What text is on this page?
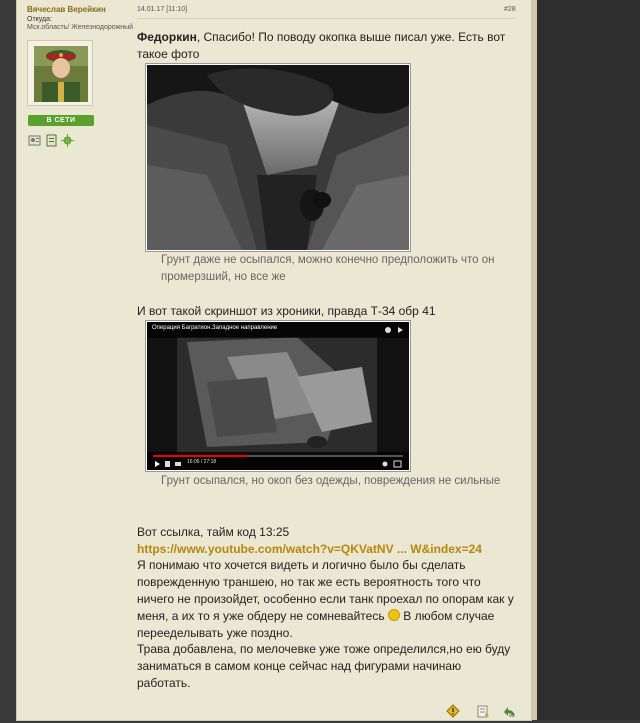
Вячеслав Верейкин
Откуда:
Мск.область/ Железнодорожный
В СЕТИ
14.01.17 [11:10]	#28

Федоркин, Спасибо! По поводу окопка выше писал уже. Есть вот такое фото

Грунт даже не осыпался, можно конечно предположить что он промерзший, но все же
И вот такой скриншот из хроники, правда Т-34 обр 41
Операция Багратион.Западное направление
16:06 / 27:18
Грунт осыпался, но окоп без одежды, повреждения не сильные
Вот ссылка, тайм код 13:25
https://www.youtube.com/watch?v=QKVatNV ... W&index=24
Я понимаю что хочется видеть и логично было бы сделать поврежденную траншею, но так же есть вероятность того что ничего не произойдет, особенно если танк проехал по опорам как у меня, а их то я уже обдеру не сомневайтесь  В любом случае перееделывать уже поздно.
Трава добавлена, по мелочевке уже тоже определился,но ею буду заниматься в самом конце сейчас над фигурами начинаю работать.
99
